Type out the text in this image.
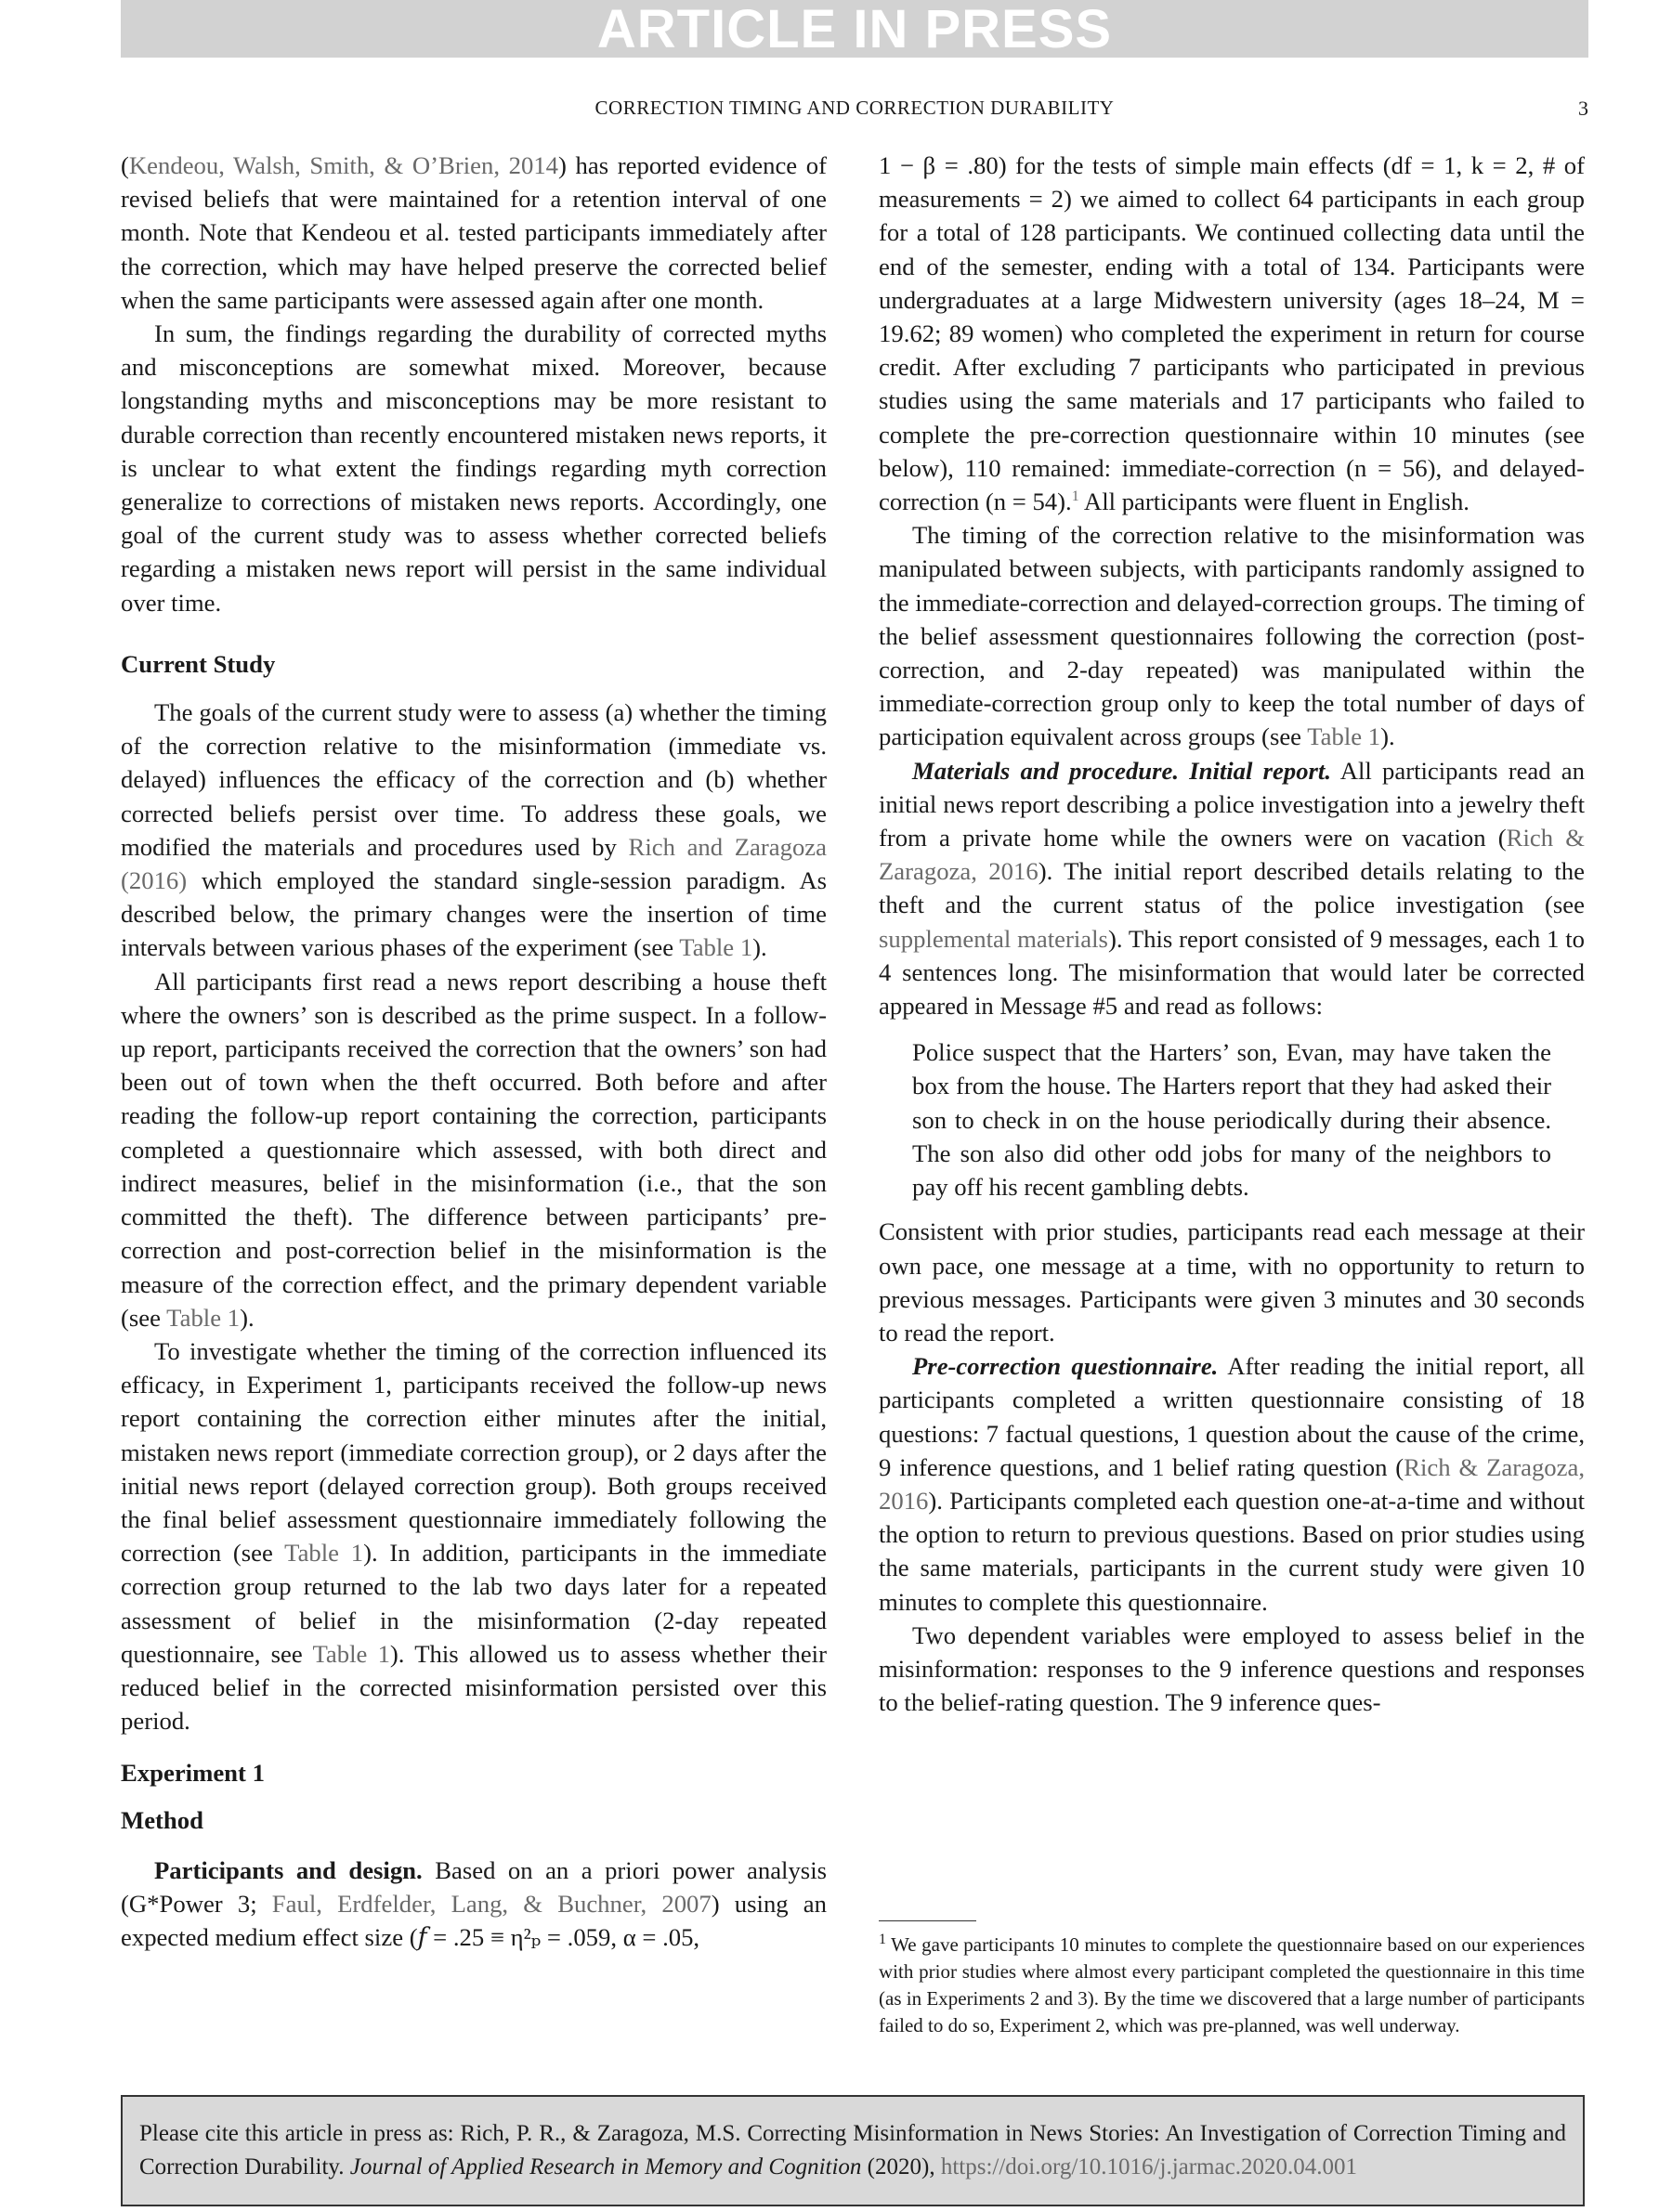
ARTICLE IN PRESS
CORRECTION TIMING AND CORRECTION DURABILITY	3

(Kendeou, Walsh, Smith, & O’Brien, 2014) has reported evidence of revised beliefs that were maintained for a retention interval of one month. Note that Kendeou et al. tested participants immediately after the correction, which may have helped preserve the corrected belief when the same participants were assessed again after one month.

In sum, the findings regarding the durability of corrected myths and misconceptions are somewhat mixed. Moreover, because longstanding myths and misconceptions may be more resistant to durable correction than recently encountered mistaken news reports, it is unclear to what extent the findings regarding myth correction generalize to corrections of mistaken news reports. Accordingly, one goal of the current study was to assess whether corrected beliefs regarding a mistaken news report will persist in the same individual over time.

Current Study

The goals of the current study were to assess (a) whether the timing of the correction relative to the misinformation (immediate vs. delayed) influences the efficacy of the correction and (b) whether corrected beliefs persist over time. To address these goals, we modified the materials and procedures used by Rich and Zaragoza (2016) which employed the standard single-session paradigm. As described below, the primary changes were the insertion of time intervals between various phases of the experiment (see Table 1).

All participants first read a news report describing a house theft where the owners’ son is described as the prime suspect. In a follow-up report, participants received the correction that the owners’ son had been out of town when the theft occurred. Both before and after reading the follow-up report containing the correction, participants completed a questionnaire which assessed, with both direct and indirect measures, belief in the misinformation (i.e., that the son committed the theft). The difference between participants’ pre-correction and post-correction belief in the misinformation is the measure of the correction effect, and the primary dependent variable (see Table 1).

To investigate whether the timing of the correction influenced its efficacy, in Experiment 1, participants received the follow-up news report containing the correction either minutes after the initial, mistaken news report (immediate correction group), or 2 days after the initial news report (delayed correction group). Both groups received the final belief assessment questionnaire immediately following the correction (see Table 1). In addition, participants in the immediate correction group returned to the lab two days later for a repeated assessment of belief in the misinformation (2-day repeated questionnaire, see Table 1). This allowed us to assess whether their reduced belief in the corrected misinformation persisted over this period.

Experiment 1

Method

Participants and design. Based on an a priori power analysis (G*Power 3; Faul, Erdfelder, Lang, & Buchner, 2007) using an expected medium effect size (𝑓 = .25 ≡ η²ₚ = .059, α = .05,

1 − β = .80) for the tests of simple main effects (df = 1, k = 2, # of measurements = 2) we aimed to collect 64 participants in each group for a total of 128 participants. We continued collecting data until the end of the semester, ending with a total of 134. Participants were undergraduates at a large Midwestern university (ages 18–24, M = 19.62; 89 women) who completed the experiment in return for course credit. After excluding 7 participants who participated in previous studies using the same materials and 17 participants who failed to complete the pre-correction questionnaire within 10 minutes (see below), 110 remained: immediate-correction (n = 56), and delayed-correction (n = 54).$^1$ All participants were fluent in English.

The timing of the correction relative to the misinformation was manipulated between subjects, with participants randomly assigned to the immediate-correction and delayed-correction groups. The timing of the belief assessment questionnaires following the correction (post-correction, and 2-day repeated) was manipulated within the immediate-correction group only to keep the total number of days of participation equivalent across groups (see Table 1).

Materials and procedure. Initial report. All participants read an initial news report describing a police investigation into a jewelry theft from a private home while the owners were on vacation (Rich & Zaragoza, 2016). The initial report described details relating to the theft and the current status of the police investigation (see supplemental materials). This report consisted of 9 messages, each 1 to 4 sentences long. The misinformation that would later be corrected appeared in Message #5 and read as follows:

Police suspect that the Harters’ son, Evan, may have taken the box from the house. The Harters report that they had asked their son to check in on the house periodically during their absence. The son also did other odd jobs for many of the neighbors to pay off his recent gambling debts.

Consistent with prior studies, participants read each message at their own pace, one message at a time, with no opportunity to return to previous messages. Participants were given 3 minutes and 30 seconds to read the report.

Pre-correction questionnaire. After reading the initial report, all participants completed a written questionnaire consisting of 18 questions: 7 factual questions, 1 question about the cause of the crime, 9 inference questions, and 1 belief rating question (Rich & Zaragoza, 2016). Participants completed each question one-at-a-time and without the option to return to previous questions. Based on prior studies using the same materials, participants in the current study were given 10 minutes to complete this questionnaire.

Two dependent variables were employed to assess belief in the misinformation: responses to the 9 inference questions and responses to the belief-rating question. The 9 inference ques-

$^1$ We gave participants 10 minutes to complete the questionnaire based on our experiences with prior studies where almost every participant completed the questionnaire in this time (as in Experiments 2 and 3). By the time we discovered that a large number of participants failed to do so, Experiment 2, which was pre-planned, was well underway.
Please cite this article in press as: Rich, P. R., & Zaragoza, M.S. Correcting Misinformation in News Stories: An Investigation of Correction Timing and Correction Durability. Journal of Applied Research in Memory and Cognition (2020), https://doi.org/10.1016/j.jarmac.2020.04.001
